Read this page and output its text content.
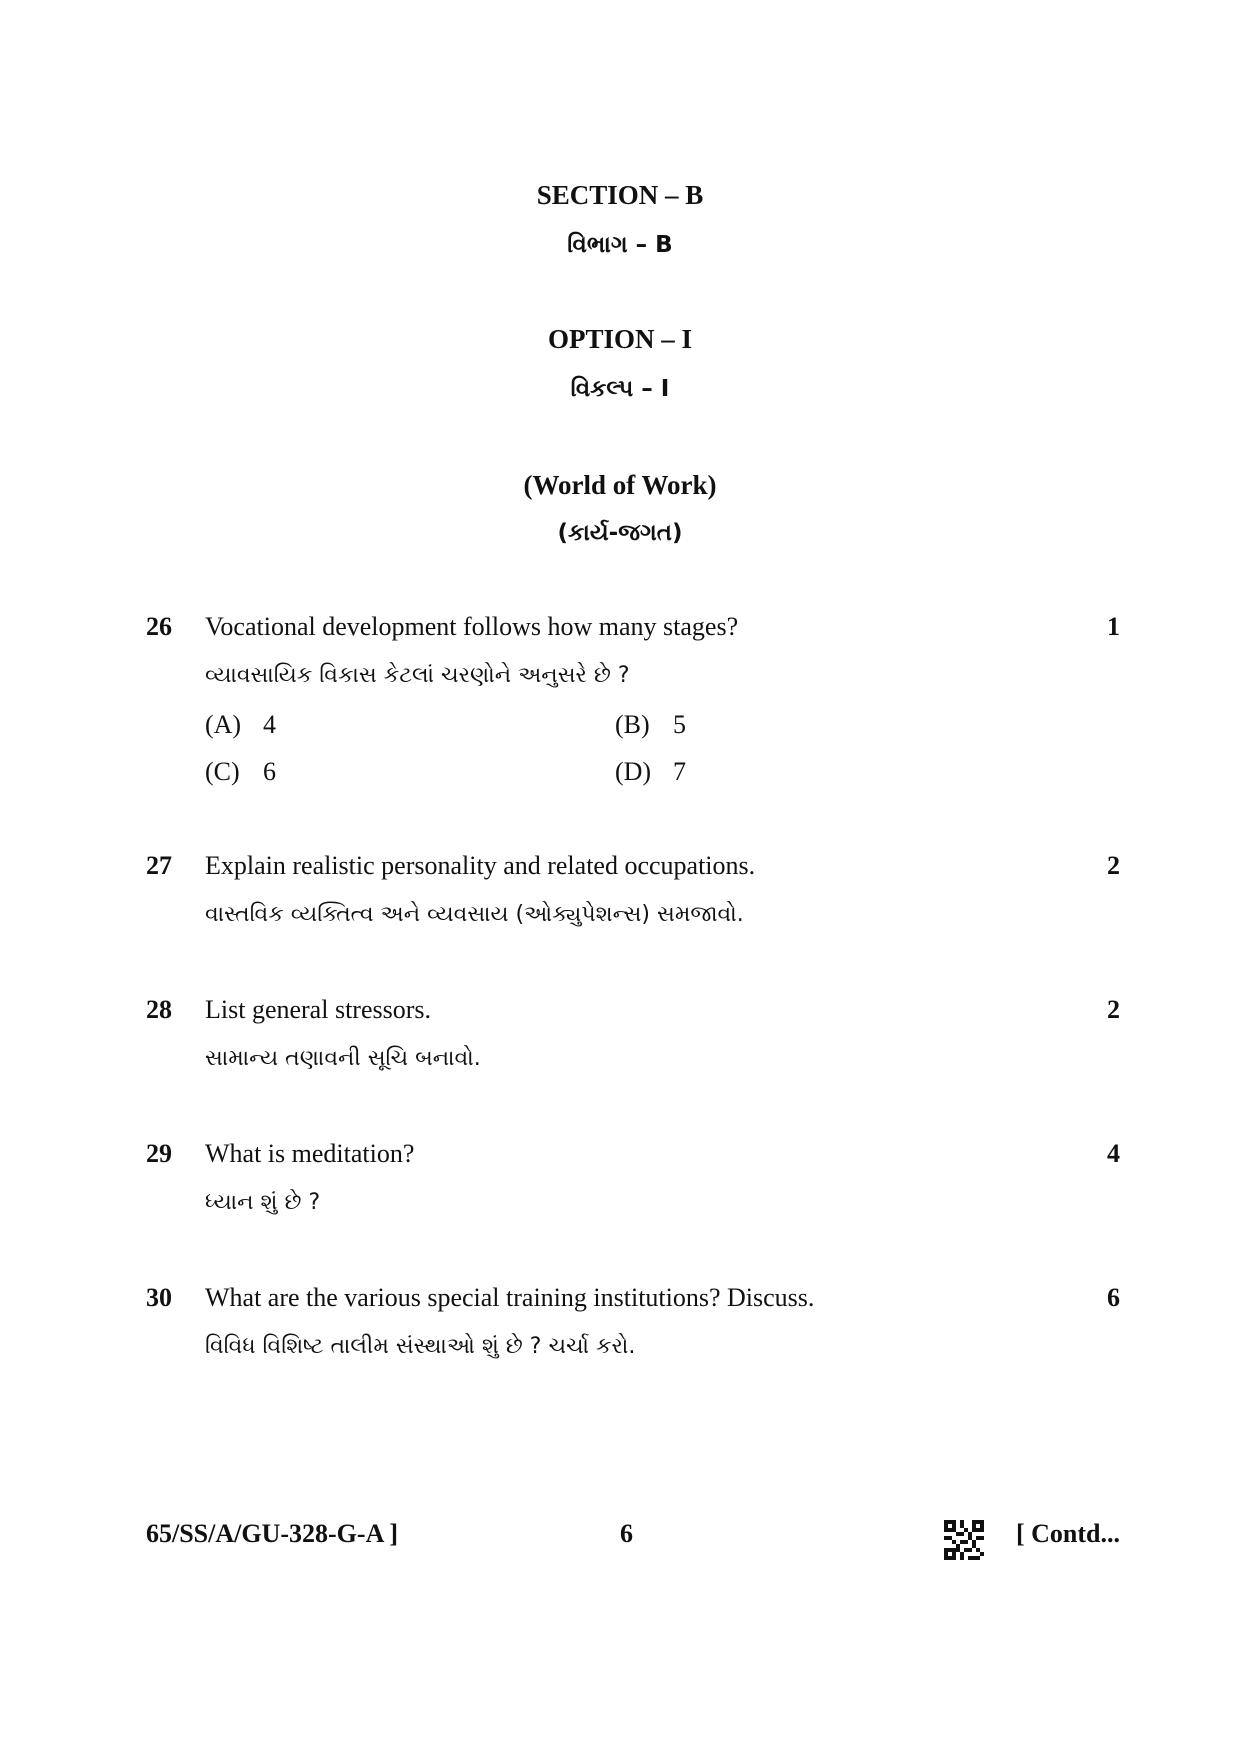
SECTION – B
વિભાગ – B
OPTION – I
વિકલ્પ – I
(World of Work)
(કાર્ય-જગત)
26	Vocational development follows how many stages?	1
વ્યાવસાયિક વિકાસ કેટલાં ચરણોને અનુસરે છે ?
(A) 4	(B) 5
(C) 6	(D) 7
27	Explain realistic personality and related occupations.	2
વાસ્તવિક વ્યક્તિત્વ અને વ્યવસાય (ઓક્યુપેશન્સ) સમજાવો.
28	List general stressors.	2
સામાન્ય તણાવની સૂચિ બનાવો.
29	What is meditation?	4
ધ્યાન શું છે ?
30	What are the various special training institutions? Discuss.	6
વિવિધ વિશિષ્ટ તાલીમ સંસ્થાઓ શું છે ? ચર્ચા કરો.
65/SS/A/GU-328-G-A ]	6	[ Contd...
